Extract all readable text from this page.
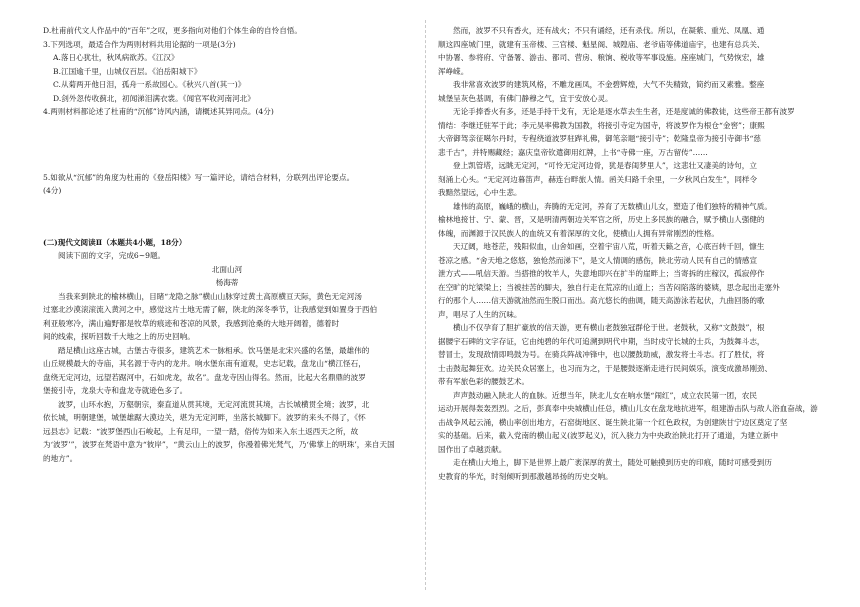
D.杜甫前代文人作品中的“百年”之叹，更多指向对他们个体生命的自怜自悟。

3.下列选项，最适合作为两则材料共用论据的一项是(3分)

A.落日心犹壮，秋风病欲苏。《江汉》

B.江国逾千里，山城仅百层。《泊岳阳城下》

C.从菊两开他日泪，孤舟一系故园心。《秋兴八首(其一)》

D.剑外忽传收蓟北，初闻涕泪满衣裳。《闻官军收河南河北》

4.两则材料都论述了杜甫的“沉郁”诗风内涵，请概述其异同点。(4分)

5.如欲从“沉郁”的角度为杜甫的《登岳阳楼》写一篇评论，请结合材料，分联列出评论要点。

(4分)

(二)现代文阅读Ⅱ（本题共4小题，18分）

阅读下面的文字，完成6~9题。

北面山河

杨海蒂

当我来到陕北的榆林横山，目睹“龙隐之脉”横山山脉穿过黄土高原横亘天际，黄色无定河汤

过塞北沙漠滚滚流入黄河之中，感觉这片土地无需了解，陕北的深冬季节，让我感觉到如置身于西伯

利亚般寒冷，满山遍野都是牧草的痕迹和苍凉的风景，我感到沧桑的大地开阔着，德着时

间的线索，探听回数千大地之上的历史回响。

踏足横山这座古城，古堡古寺很多，建筑艺术一脉相承。饮马堡是北宋兴盛的名堡，最雄伟的

山丘规模最大的寺庙，其名源于寺内的龙井。响水堡东南有道观，史志记载，盘龙山“横江怪石，

盘绕无定河边，远望若踞河中，石如虎龙，故名”。盘龙寺因山得名。然而，比起大名鼎鼎的波罗

堡接引寺，龙泉大寺和盘龙寺就逊色多了。

波罗，山环水抱，万壑朝宗，秦直道从贯其境，无定河流贯其境，古长城横贯全境；波罗，北

依长城，明朝建堡，城堡雄踞大漠边关，堪为无定河畔，坐落长城脚下。波罗的来头不得了，《怀

远县志》记载：“波罗堡西山石峻起，上有足印，一望一踏，俗传为如来入东土返西天之所，故

为‘波罗’”，波罗在梵语中意为“彼岸”，“黄云山上的波罗，你漫着佛光梵气，乃‘佛掌上的明珠’，来自天国

的地方”。

然而，波罗不只有香火，还有战火；不只有诵经，还有杀伐。所以，在凝紫、重光、凤凰、通

顺这四座城门里，就建有玉帝楼、三官楼、魁星阁、城隍庙、老爷庙等佛道庙宇，也建有总兵关、

中协署、参将府、守备署、游击、都司、营房、粮饷、税收等军事设施。座座城门，气势恢宏，雄

浑峥嵘。

我非常喜欢波罗的建筑风格，不雕龙画凤，不金碧辉煌，大气不失精致，简约而又素雅。整座

城堡呈灰色基调，有佛门静穆之气，宜于安放心灵。

无论手捧香火有多，还是手持干戈有，无论是逐水草去生生者，还是度诚的佛教徒，这些帝王都有波罗

情结：李继迁驻军于此；李元昊率佛教为国教，将接引寺定为国寺，将波罗作为根仓“金窖”；康熙

大帝御驾亲征噶尔丹时，专程绕道波罗驻跸礼佛，御笔亲题“接引寺”；乾隆皇帝为接引寺御书“慈

悲千古”，并特赐藏经；嘉庆皇帝钦遣御用红牌，上书“寺佛一座，万古留传”……

登上凯管塔，远眺无定河，“可怜无定河边骨，犹是春闺梦里人”，这悲壮又凄美的诗句，立

刻涌上心头。“无定河边暮笛声，赫连台畔旅人情。函关归路千余里，一夕秋风白发生”，同样令

我黯然望远，心中生悲。

雄伟的高原，巍峨的横山，奔腾的无定河，养育了无数横山儿女，塑造了他们独特的精神气质。

榆林地接甘、宁、蒙、晋，又是明清两朝边关军官之所，历史上多民族的融合，赋予横山人强健的

体魄，而渊源于汉民族人的血统又有着深厚的文化，使横山人拥有异常刚烈的性格。

天辽阔，地苍茫，残阳似血，山舍如画，空着宇宙八荒，听着天籁之音，心底百转千回，慷生

苍凉之感。“舍天地之悠悠，独怆然而涕下”，是文人情调的感伤，陕北劳动人民有自己的情感宣

泄方式——吼信天游。当搭推的牧羊人，失意地即兴在扩半的崖畔上；当寄拆的庄稼汉，孤寂停作

在空旷的坨梁梁上；当被挂苦的脚夫，独自行走在荒凉的山道上；当苦闷陷落的婆姨，思念起出走塞外

行的那个人……信天游就油然而生脱口而出。高亢悠长的曲调，随天高游泳若起伏，九曲回肠的歌

声，唱尽了人生的沉味。

横山不仅孕育了胆扩豪放的信天游，更有横山老鼓独冠群伦于世。老鼓秋，又称“文鼓鼓”，根

据腰宇石碑的文字存证，它由纯碧的年代可追溯到明代中期，当时戍守长城的士兵，为鼓舞斗志，

替冒士，发现敌情即鸣鼓为号。在骑兵阵战冲锋中，也以腰鼓助威，激发将士斗志。打了胜仗，将

士击鼓起舞狂欢。边关民众居塞上，也习而为之，于是腰鼓逐渐走进行民间娱乐，演变成激昂刚劲、

带有军旅色彩的腰鼓艺术。

声声鼓动融入陕北人的血脉。近想当年，陕北儿女在响水堡“闹红”，成立农民第一团，农民

运动开展得轰轰烈烈。之后，彭真奉中央城横山任总，横山儿女在盘龙地抗进军，组建游击队与敌人浴血奋战，游

击战争风起云涌，横山率创出地方，石窑街地区、诞生陕北第一个红色政权，为创建陕甘宁边区奠定了坚

实的基础。后来，截入党南的横山起义(波罗起义)，沉入骁力为中央政治陕北打开了通道，为建立新中

国作出了卓越贡献。

走在横山大地上，脚下是世界上最广袤深厚的黄土，随处可触摸到历史的印痕，随时可感受到历

史教育的华光，时刻倾听到那激越昂扬的历史交响。
